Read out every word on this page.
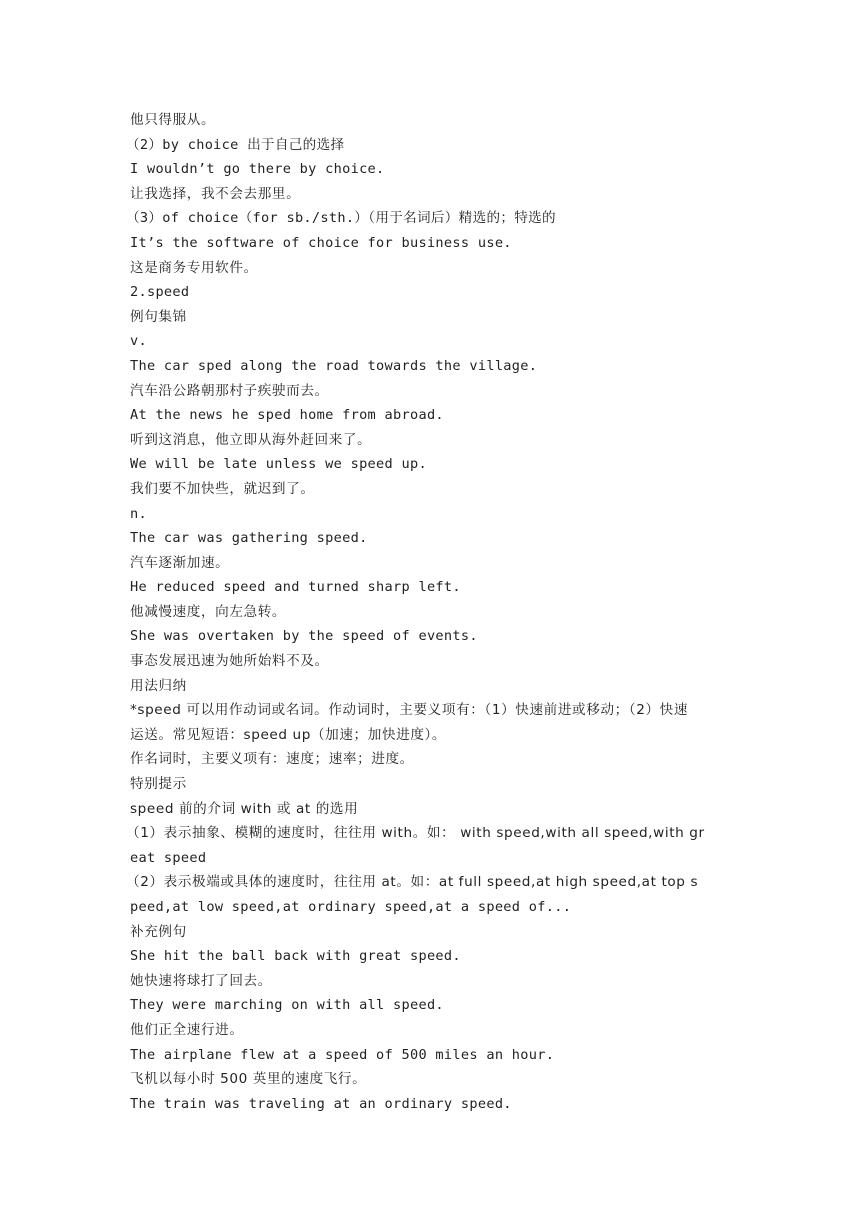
他只得服从。
（2）by choice 出于自己的选择
I wouldn’t go there by choice.
让我选择，我不会去那里。
（3）of choice（for sb./sth.）（用于名词后）精选的；特选的
It’s the software of choice for business use.
这是商务专用软件。
2.speed
例句集锦
v.
The car sped along the road towards the village.
汽车沿公路朝那村子疾驶而去。
At the news he sped home from abroad.
听到这消息，他立即从海外赶回来了。
We will be late unless we speed up.
我们要不加快些，就迟到了。
n.
The car was gathering speed.
汽车逐渐加速。
He reduced speed and turned sharp left.
他减慢速度，向左急转。
She was overtaken by the speed of events.
事态发展迅速为她所始料不及。
用法归纳
*speed 可以用作动词或名词。作动词时，主要义项有：（1）快速前进或移动；（2）快速
运送。常见短语：speed up（加速；加快进度）。
作名词时，主要义项有：速度；速率；进度。
特别提示
speed 前的介词 with 或 at 的选用
（1）表示抽象、模糊的速度时，往往用 with。如： with speed,with all speed,with gr
eat speed
（2）表示极端或具体的速度时，往往用 at。如：at full speed,at high speed,at top s
peed,at low speed,at ordinary speed,at a speed of...
补充例句
She hit the ball back with great speed.
她快速将球打了回去。
They were marching on with all speed.
他们正全速行进。
The airplane flew at a speed of 500 miles an hour.
飞机以每小时 500 英里的速度飞行。
The train was traveling at an ordinary speed.
